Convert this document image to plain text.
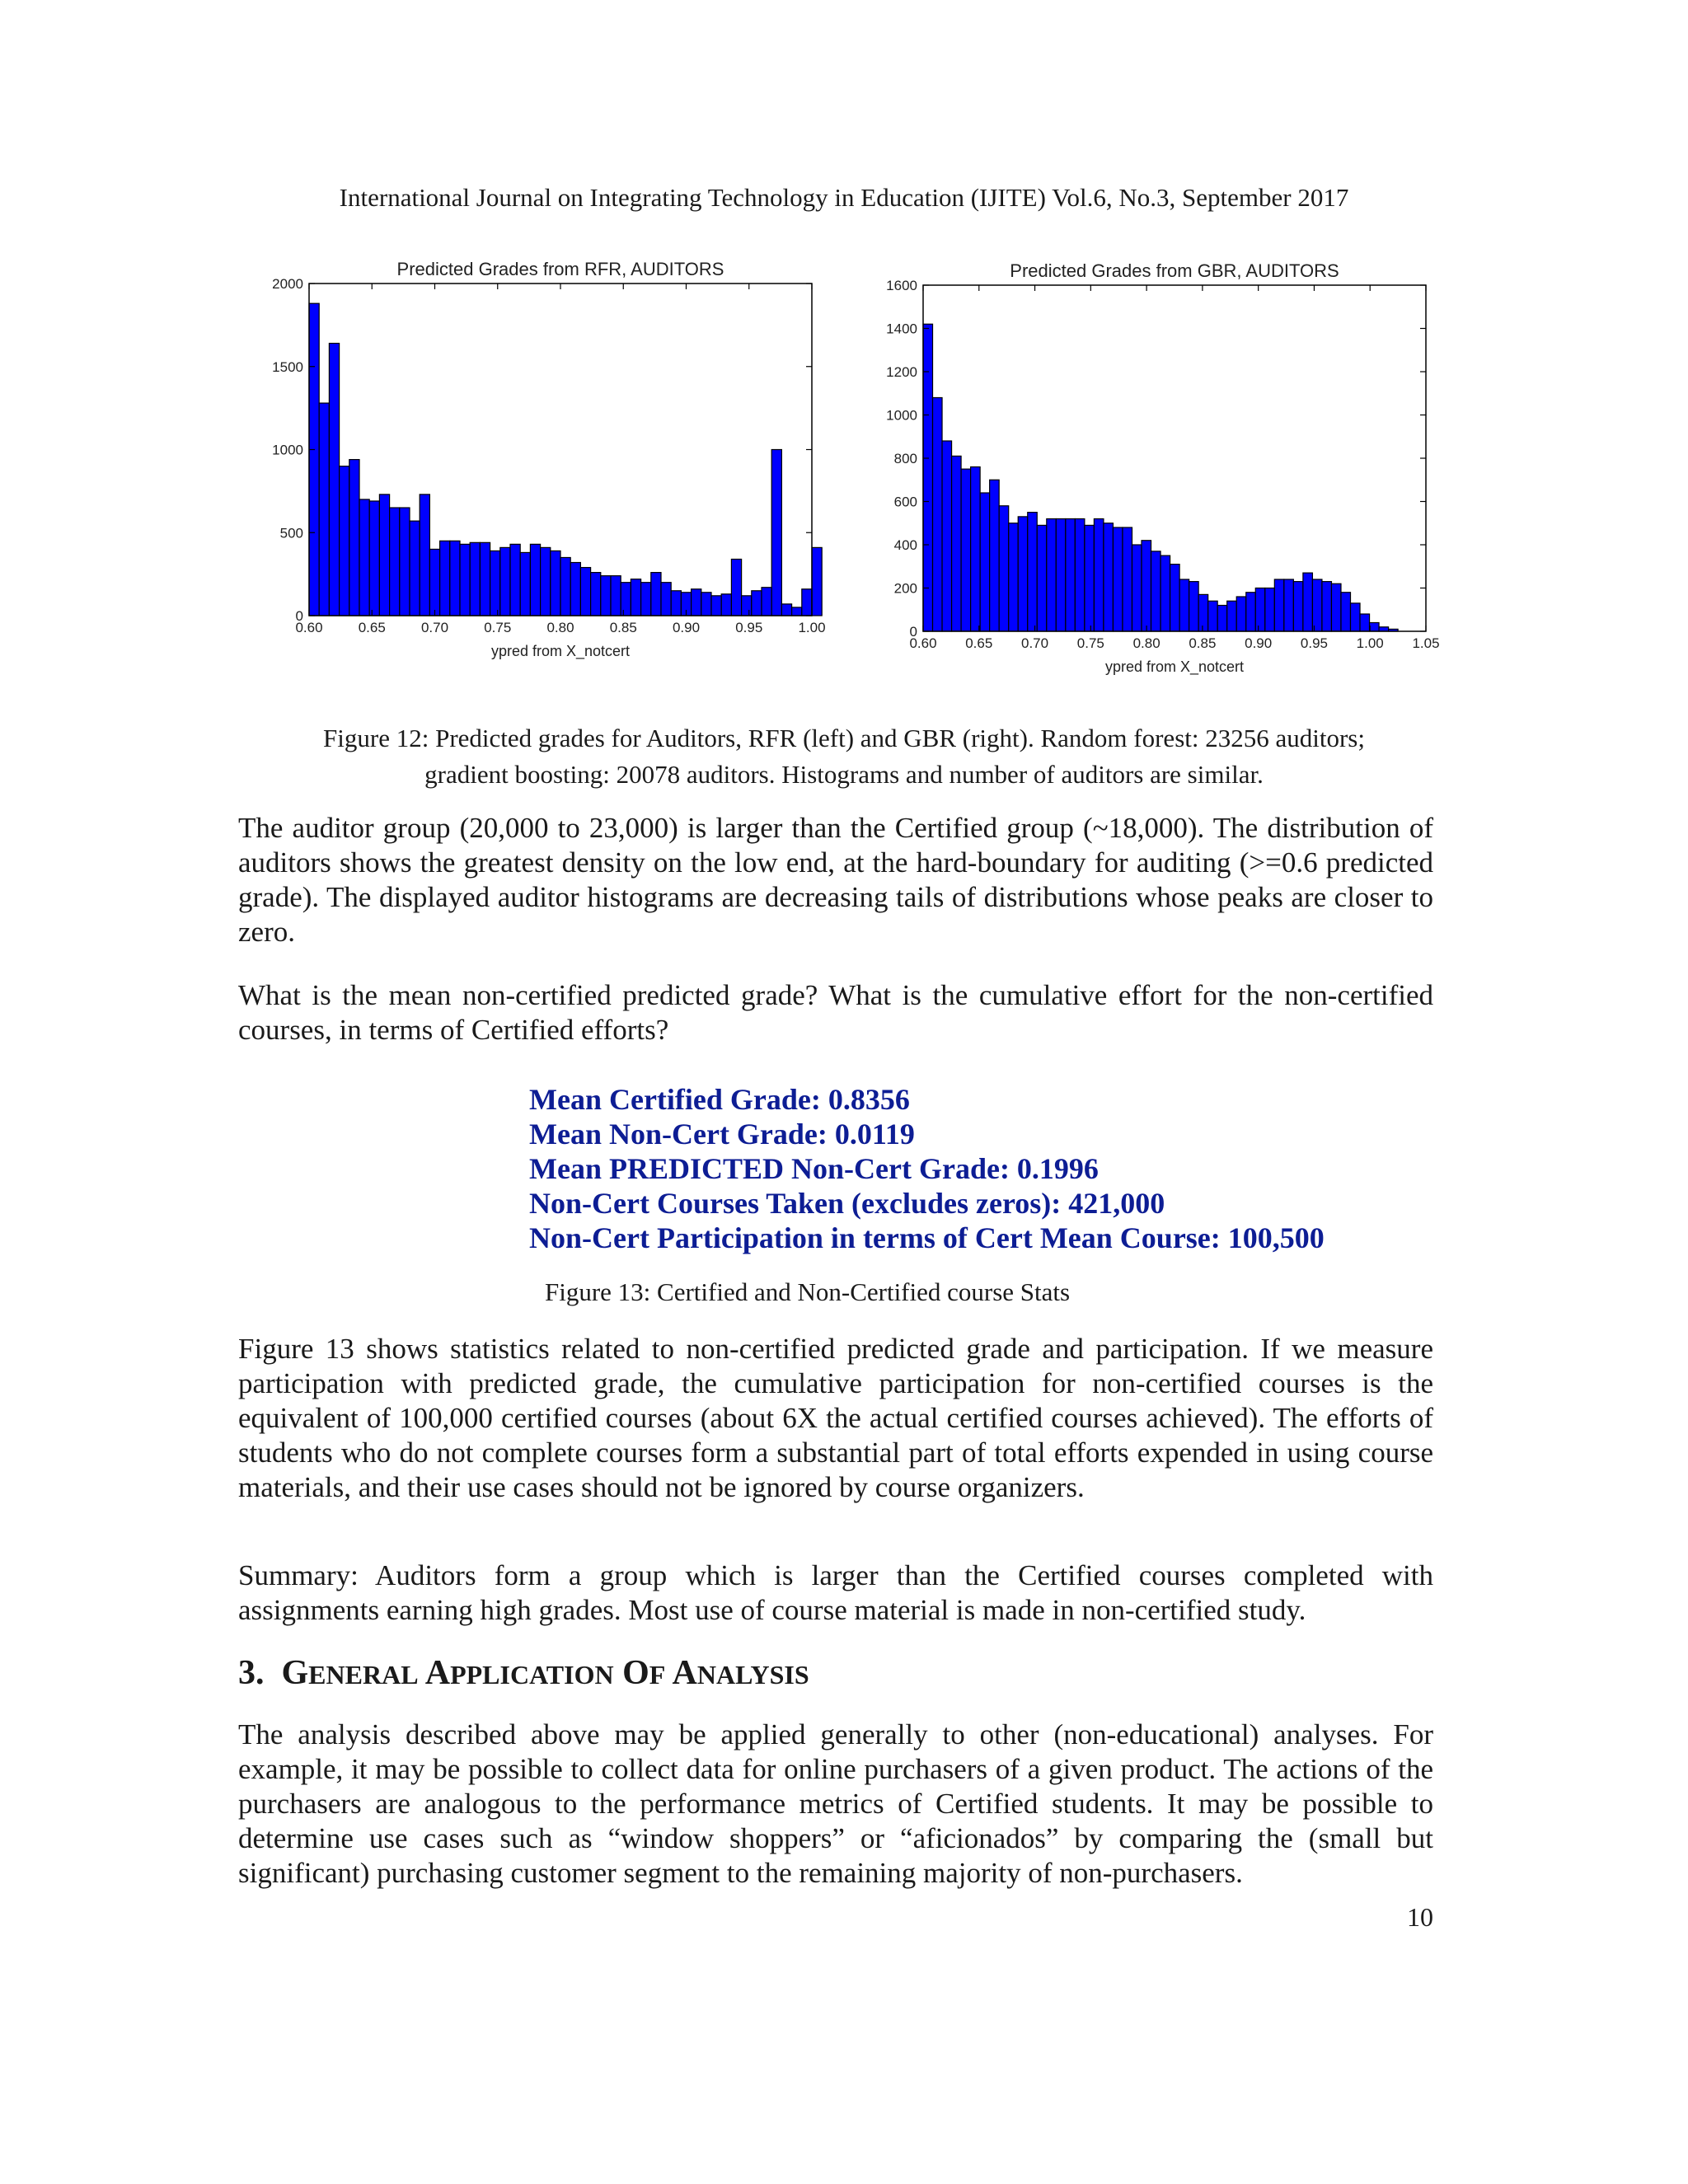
International Journal on Integrating Technology in Education (IJITE) Vol.6, No.3, September 2017
Predicted Grades from RFR, AUDITORS
0.60	0.65	0.70	0.75	0.80	0.85	0.90	0.95	1.00
0
500
1000
1500
2000
ypred from X_notcert
Predicted Grades from GBR, AUDITORS
0.60 0.65 0.70 0.75 0.80 0.85 0.90 0.95 1.00 1.05
0
200
400
600
800
1000
1200
1400
1600
ypred from X_notcert
Figure 12: Predicted grades for Auditors, RFR (left) and GBR (right). Random forest: 23256 auditors;
gradient boosting: 20078 auditors. Histograms and number of auditors are similar.

The auditor group (20,000 to 23,000) is larger than the Certified group (~18,000). The distribution of auditors shows the greatest density on the low end, at the hard-boundary for auditing (>=0.6 predicted grade). The displayed auditor histograms are decreasing tails of distributions whose peaks are closer to zero.

What is the mean non-certified predicted grade? What is the cumulative effort for the non-certified courses, in terms of Certified efforts?

Mean Certified Grade: 0.8356
Mean Non-Cert Grade: 0.0119
Mean PREDICTED Non-Cert Grade: 0.1996
Non-Cert Courses Taken (excludes zeros): 421,000
Non-Cert Participation in terms of Cert Mean Course: 100,500
Figure 13: Certified and Non-Certified course Stats

Figure 13 shows statistics related to non-certified predicted grade and participation. If we measure participation with predicted grade, the cumulative participation for non-certified courses is the equivalent of 100,000 certified courses (about 6X the actual certified courses achieved). The efforts of students who do not complete courses form a substantial part of total efforts expended in using course materials, and their use cases should not be ignored by course organizers.

Summary: Auditors form a group which is larger than the Certified courses completed with assignments earning high grades. Most use of course material is made in non-certified study.

3. GENERAL APPLICATION OF ANALYSIS

The analysis described above may be applied generally to other (non-educational) analyses. For example, it may be possible to collect data for online purchasers of a given product. The actions of the purchasers are analogous to the performance metrics of Certified students. It may be possible to determine use cases such as “window shoppers” or “aficionados” by comparing the (small but significant) purchasing customer segment to the remaining majority of non-purchasers.

10
